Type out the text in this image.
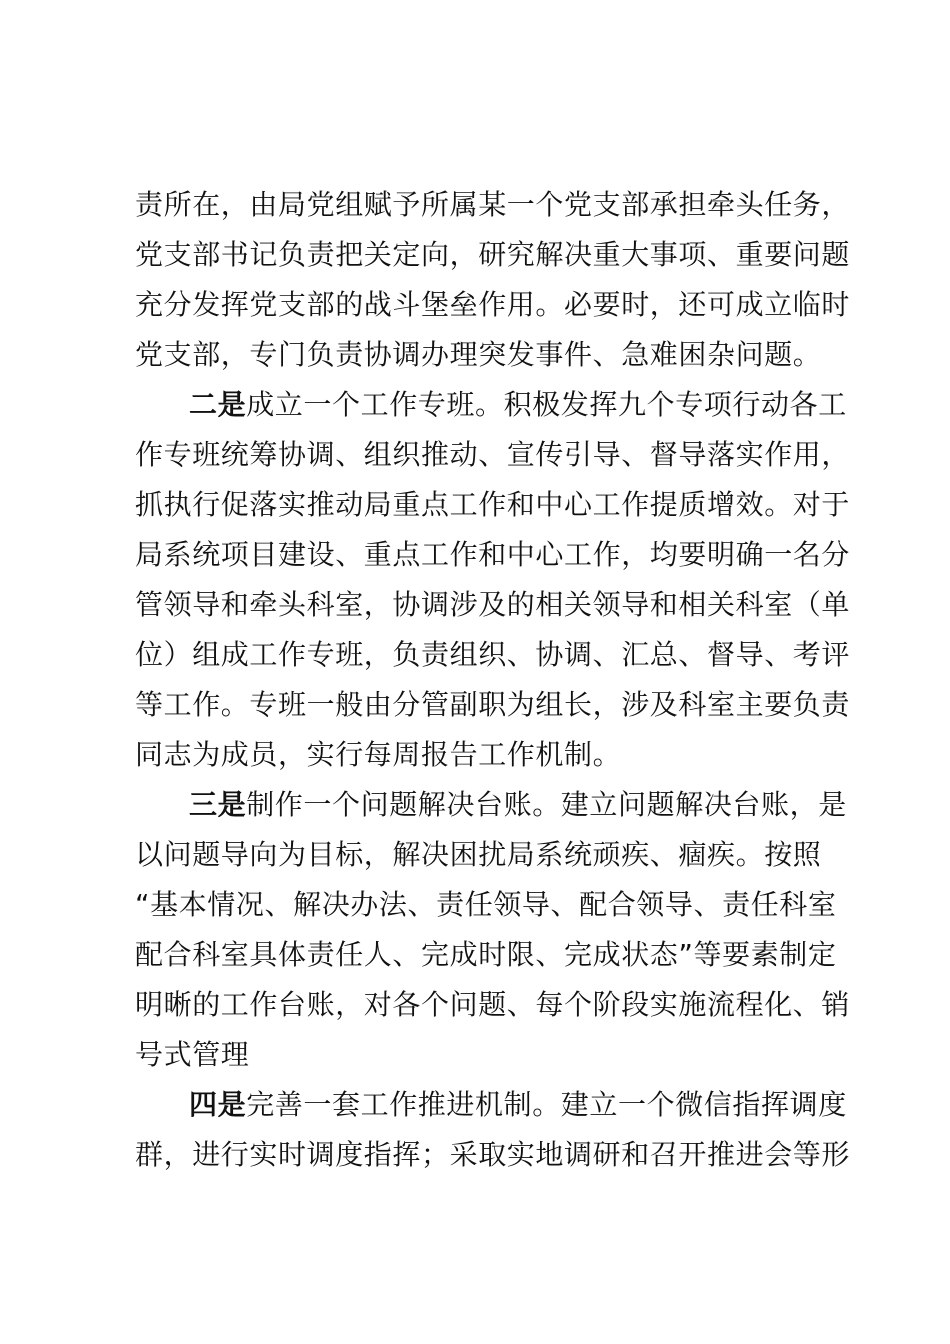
责所在，由局党组赋予所属某一个党支部承担牵头任务，
党支部书记负责把关定向，研究解决重大事项、重要问题
充分发挥党支部的战斗堡垒作用。必要时，还可成立临时
党支部，专门负责协调办理突发事件、急难困杂问题。
二是成立一个工作专班。积极发挥九个专项行动各工
作专班统筹协调、组织推动、宣传引导、督导落实作用，
抓执行促落实推动局重点工作和中心工作提质增效。对于
局系统项目建设、重点工作和中心工作，均要明确一名分
管领导和牵头科室，协调涉及的相关领导和相关科室（单
位）组成工作专班，负责组织、协调、汇总、督导、考评
等工作。专班一般由分管副职为组长，涉及科室主要负责
同志为成员，实行每周报告工作机制。
三是制作一个问题解决台账。建立问题解决台账，是
以问题导向为目标，解决困扰局系统顽疾、痼疾。按照
“基本情况、解决办法、责任领导、配合领导、责任科室
配合科室具体责任人、完成时限、完成状态”等要素制定
明晰的工作台账，对各个问题、每个阶段实施流程化、销
号式管理
四是完善一套工作推进机制。建立一个微信指挥调度
群，进行实时调度指挥；采取实地调研和召开推进会等形
